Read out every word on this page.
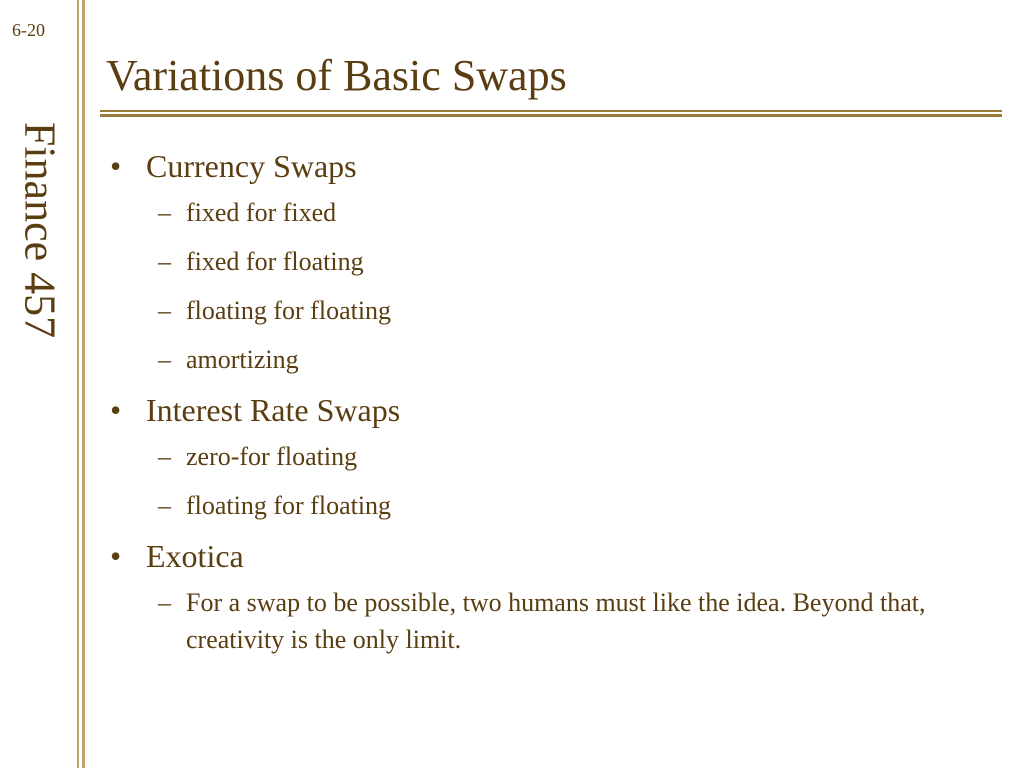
6-20
Finance 457
Variations of Basic Swaps
• Currency Swaps
– fixed for fixed
– fixed for floating
– floating for floating
– amortizing
• Interest Rate Swaps
– zero-for floating
– floating for floating
• Exotica
– For a swap to be possible, two humans must like the idea. Beyond that, creativity is the only limit.
